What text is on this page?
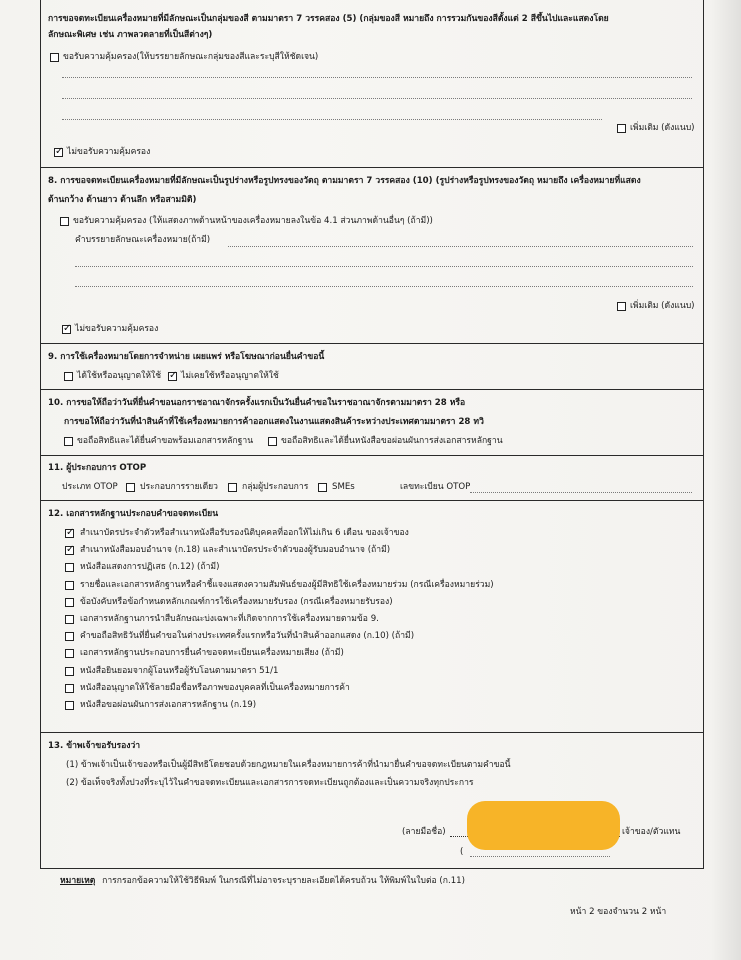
การขอจดทะเบียนเครื่องหมายที่มีลักษณะเป็นกลุ่มของสี ตามมาตรา 7 วรรคสอง (5) (กลุ่มของสี หมายถึง การรวมกันของสีตั้งแต่ 2 สีขึ้นไปและแสดงโดย
ลักษณะพิเศษ เช่น ภาพลวดลายที่เป็นสีต่างๆ)
ขอรับความคุ้มครอง(ให้บรรยายลักษณะกลุ่มของสีและระบุสีให้ชัดเจน)
เพิ่มเติม (ดังแนบ)
✓
ไม่ขอรับความคุ้มครอง
8. การขอจดทะเบียนเครื่องหมายที่มีลักษณะเป็นรูปร่างหรือรูปทรงของวัตถุ ตามมาตรา 7 วรรคสอง (10) (รูปร่างหรือรูปทรงของวัตถุ หมายถึง เครื่องหมายที่แสดง
ด้านกว้าง ด้านยาว ด้านลึก หรือสามมิติ)
ขอรับความคุ้มครอง (ให้แสดงภาพด้านหน้าของเครื่องหมายลงในข้อ 4.1 ส่วนภาพด้านอื่นๆ (ถ้ามี))
คำบรรยายลักษณะเครื่องหมาย(ถ้ามี)
เพิ่มเติม (ดังแนบ)
✓
ไม่ขอรับความคุ้มครอง
9. การใช้เครื่องหมายโดยการจำหน่าย เผยแพร่ หรือโฆษณาก่อนยื่นคำขอนี้
ได้ใช้หรืออนุญาตให้ใช้
✓ ไม่เคยใช้หรืออนุญาตให้ใช้
10. การขอให้ถือว่าวันที่ยื่นคำขอนอกราชอาณาจักรครั้งแรกเป็นวันยื่นคำขอในราชอาณาจักรตามมาตรา 28 หรือ
การขอให้ถือว่าวันที่นำสินค้าที่ใช้เครื่องหมายการค้าออกแสดงในงานแสดงสินค้าระหว่างประเทศตามมาตรา 28 ทวิ
ขอถือสิทธิและได้ยื่นคำขอพร้อมเอกสารหลักฐาน	ขอถือสิทธิและได้ยื่นหนังสือขอผ่อนผันการส่งเอกสารหลักฐาน
11. ผู้ประกอบการ OTOP
ประเภท OTOP	ประกอบการรายเดียว	กลุ่มผู้ประกอบการ	SMEs	เลขทะเบียน OTOP
12. เอกสารหลักฐานประกอบคำขอจดทะเบียน
✓
สำเนาบัตรประจำตัวหรือสำเนาหนังสือรับรองนิติบุคคลที่ออกให้ไม่เกิน 6 เดือน ของเจ้าของ
✓
สำเนาหนังสือมอบอำนาจ (ก.18) และสำเนาบัตรประจำตัวของผู้รับมอบอำนาจ (ถ้ามี)
หนังสือแสดงการปฏิเสธ (ก.12) (ถ้ามี)
รายชื่อและเอกสารหลักฐานหรือคำชี้แจงแสดงความสัมพันธ์ของผู้มีสิทธิใช้เครื่องหมายร่วม (กรณีเครื่องหมายร่วม)
ข้อบังคับหรือข้อกำหนดหลักเกณฑ์การใช้เครื่องหมายรับรอง (กรณีเครื่องหมายรับรอง)
เอกสารหลักฐานการนำสืบลักษณะบ่งเฉพาะที่เกิดจากการใช้เครื่องหมายตามข้อ 9.
คำขอถือสิทธิวันที่ยื่นคำขอในต่างประเทศครั้งแรกหรือวันที่นำสินค้าออกแสดง (ก.10) (ถ้ามี)
เอกสารหลักฐานประกอบการยื่นคำขอจดทะเบียนเครื่องหมายเสียง (ถ้ามี)
หนังสือยินยอมจากผู้โอนหรือผู้รับโอนตามมาตรา 51/1
หนังสืออนุญาตให้ใช้ลายมือชื่อหรือภาพของบุคคลที่เป็นเครื่องหมายการค้า
หนังสือขอผ่อนผันการส่งเอกสารหลักฐาน (ก.19)
13. ข้าพเจ้าขอรับรองว่า
(1) ข้าพเจ้าเป็นเจ้าของหรือเป็นผู้มีสิทธิโดยชอบด้วยกฎหมายในเครื่องหมายการค้าที่นำมายื่นคำขอจดทะเบียนตามคำขอนี้
(2) ข้อเท็จจริงทั้งปวงที่ระบุไว้ในคำขอจดทะเบียนและเอกสารการจดทะเบียนถูกต้องและเป็นความจริงทุกประการ
(ลายมือชื่อ)	เจ้าของ/ตัวแทน
(
หมายเหตุ การกรอกข้อความให้ใช้วิธีพิมพ์ ในกรณีที่ไม่อาจระบุรายละเอียดได้ครบถ้วน ให้พิมพ์ในใบต่อ (ก.11)
หน้า 2 ของจำนวน 2 หน้า
